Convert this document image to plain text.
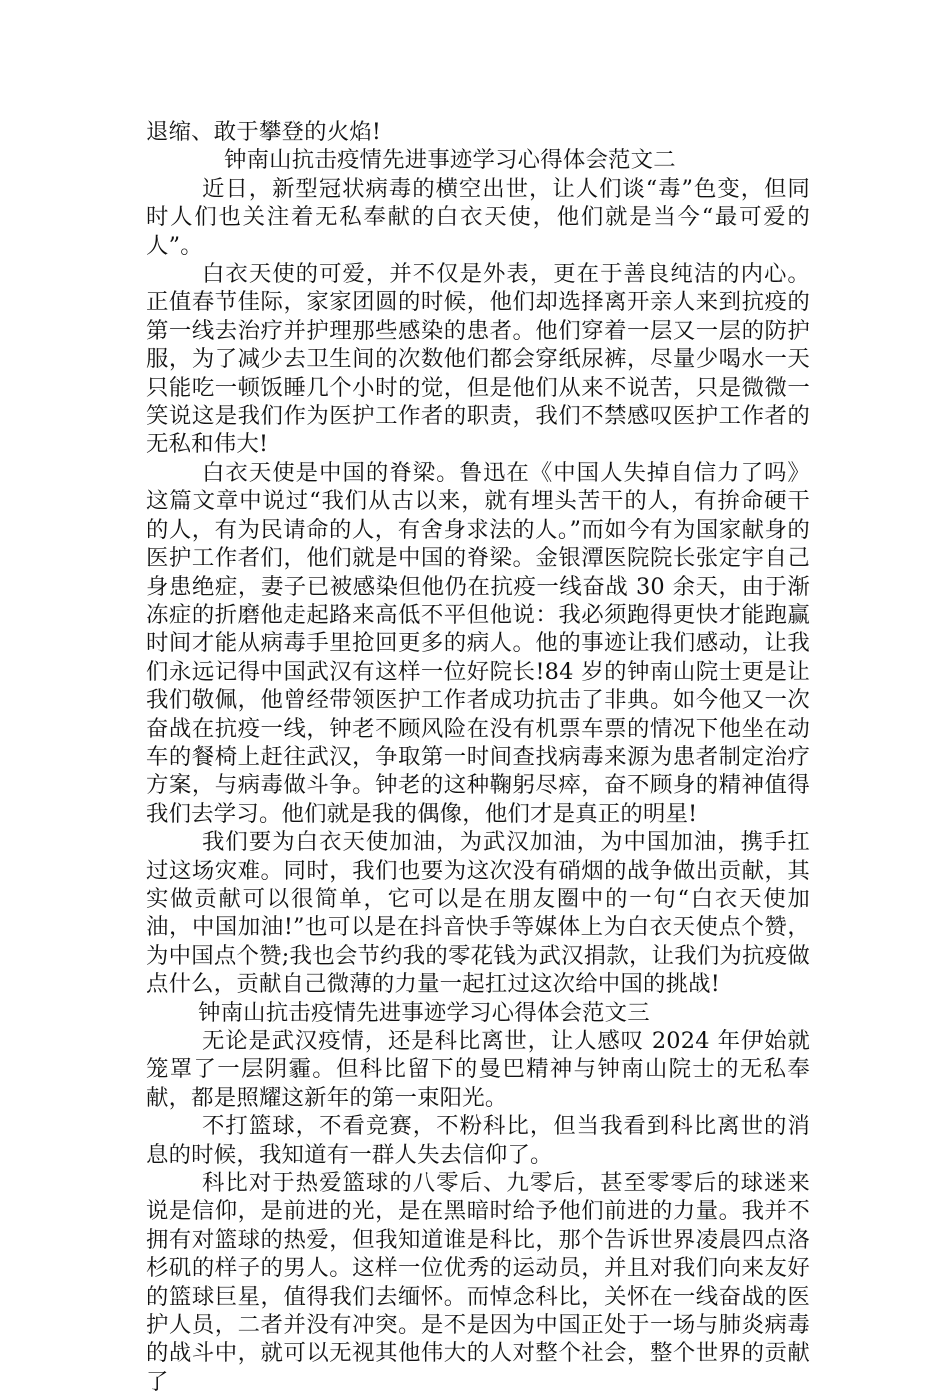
退缩、敢于攀登的火焰!

钟南山抗击疫情先进事迹学习心得体会范文二

近日，新型冠状病毒的横空出世，让人们谈“毒”色变，但同时人们也关注着无私奉献的白衣天使，他们就是当今“最可爱的人”。

白衣天使的可爱，并不仅是外表，更在于善良纯洁的内心。正值春节佳际，家家团圆的时候，他们却选择离开亲人来到抗疫的第一线去治疗并护理那些感染的患者。他们穿着一层又一层的防护服，为了减少去卫生间的次数他们都会穿纸尿裤，尽量少喝水一天只能吃一顿饭睡几个小时的觉，但是他们从来不说苦，只是微微一笑说这是我们作为医护工作者的职责，我们不禁感叹医护工作者的无私和伟大!

白衣天使是中国的脊梁。鲁迅在《中国人失掉自信力了吗》这篇文章中说过“我们从古以来，就有埋头苦干的人，有拚命硬干的人，有为民请命的人，有舍身求法的人。”而如今有为国家献身的医护工作者们，他们就是中国的脊梁。金银潭医院院长张定宇自己身患绝症，妻子已被感染但他仍在抗疫一线奋战 30 余天，由于渐冻症的折磨他走起路来高低不平但他说：我必须跑得更快才能跑赢时间才能从病毒手里抢回更多的病人。他的事迹让我们感动，让我们永远记得中国武汉有这样一位好院长!84 岁的钟南山院士更是让我们敬佩，他曾经带领医护工作者成功抗击了非典。如今他又一次奋战在抗疫一线，钟老不顾风险在没有机票车票的情况下他坐在动车的餐椅上赶往武汉，争取第一时间查找病毒来源为患者制定治疗方案，与病毒做斗争。钟老的这种鞠躬尽瘁，奋不顾身的精神值得我们去学习。他们就是我的偶像，他们才是真正的明星!

我们要为白衣天使加油，为武汉加油，为中国加油，携手扛过这场灾难。同时，我们也要为这次没有硝烟的战争做出贡献，其实做贡献可以很简单，它可以是在朋友圈中的一句“白衣天使加油，中国加油!”也可以是在抖音快手等媒体上为白衣天使点个赞，为中国点个赞;我也会节约我的零花钱为武汉捐款，让我们为抗疫做点什么，贡献自己微薄的力量一起扛过这次给中国的挑战!

钟南山抗击疫情先进事迹学习心得体会范文三

无论是武汉疫情，还是科比离世，让人感叹 2024 年伊始就笼罩了一层阴霾。但科比留下的曼巴精神与钟南山院士的无私奉献，都是照耀这新年的第一束阳光。

不打篮球，不看竞赛，不粉科比，但当我看到科比离世的消息的时候，我知道有一群人失去信仰了。

科比对于热爱篮球的八零后、九零后，甚至零零后的球迷来说是信仰，是前进的光，是在黑暗时给予他们前进的力量。我并不拥有对篮球的热爱，但我知道谁是科比，那个告诉世界凌晨四点洛杉矶的样子的男人。这样一位优秀的运动员，并且对我们向来友好的篮球巨星，值得我们去缅怀。而悼念科比，关怀在一线奋战的医护人员，二者并没有冲突。是不是因为中国正处于一场与肺炎病毒的战斗中，就可以无视其他伟大的人对整个社会，整个世界的贡献了
